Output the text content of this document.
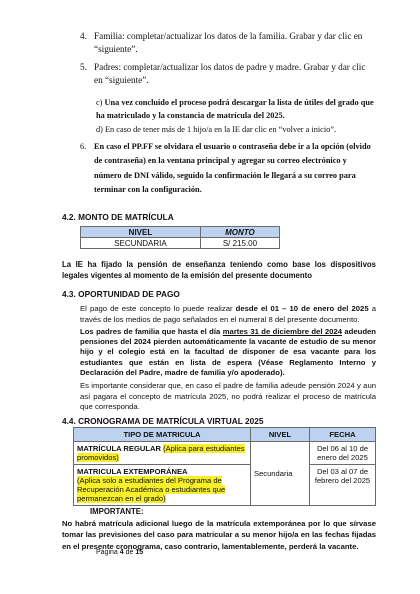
4. Familia: completar/actualizar los datos de la familia. Grabar y dar clic en “siguiente”.
5. Padres: completar/actualizar los datos de padre y madre. Grabar y dar clic en “siguiente”.
c) Una vez concluido el proceso podrá descargar la lista de útiles del grado que ha matriculado y la constancia de matrícula del 2025.
d) En caso de tener más de 1 hijo/a en la IE dar clic en “volver a inicio”.
6. En caso el PP.FF se olvidara el usuario o contraseña debe ir a la opción (olvido de contraseña) en la ventana principal y agregar su correo electrónico y número de DNI válido, seguido la confirmación le llegará a su correo para terminar con la configuración.
4.2. MONTO DE MATRÍCULA
NIVEL	MONTO
SECUNDARIA	S/ 215.00
La IE ha fijado la pensión de enseñanza teniendo como base los dispositivos legales vigentes al momento de la emisión del presente documento
4.3. OPORTUNIDAD DE PAGO
El pago de este concepto lo puede realizar desde el 01 – 10 de enero del 2025 a través de los medios de pago señalados en el numeral 8 del presente documento.
Los padres de familia que hasta el día martes 31 de diciembre del 2024 adeuden pensiones del 2024 pierden automáticamente la vacante de estudio de su menor hijo y el colegio está en la facultad de disponer de esa vacante para los estudiantes que están en lista de espera (Véase Reglamento Interno y Declaración del Padre, madre de familia y/o apoderado).
4.4. CRONOGRAMA DE MATRÍCULA VIRTUAL 2025
TIPO DE MATRICULA	NIVEL	FECHA
MATRÍCULA REGULAR (Aplica para estudiantes promovidos)	Secundaria	Del 06 al 10 de enero del 2025
MATRICULA EXTEMPORÁNEA
(Aplica solo a estudiantes del Programa de Recuperación Académica o estudiantes que permanezcan en el grado)		Del 03 al 07 de febrero del 2025
IMPORTANTE:
No habrá matrícula adicional luego de la matrícula extemporánea por lo que sírvase tomar las previsiones del caso para matricular a su menor hijo/a en las fechas fijadas en el presente cronograma, caso contrario, lamentablemente, perderá la vacante.
Página 4 de 15
Es importante considerar que, en caso el padre de familia adeude pensión 2024 y aun así pagara el concepto de matrícula 2025, no podrá realizar el proceso de matrícula que corresponda.
